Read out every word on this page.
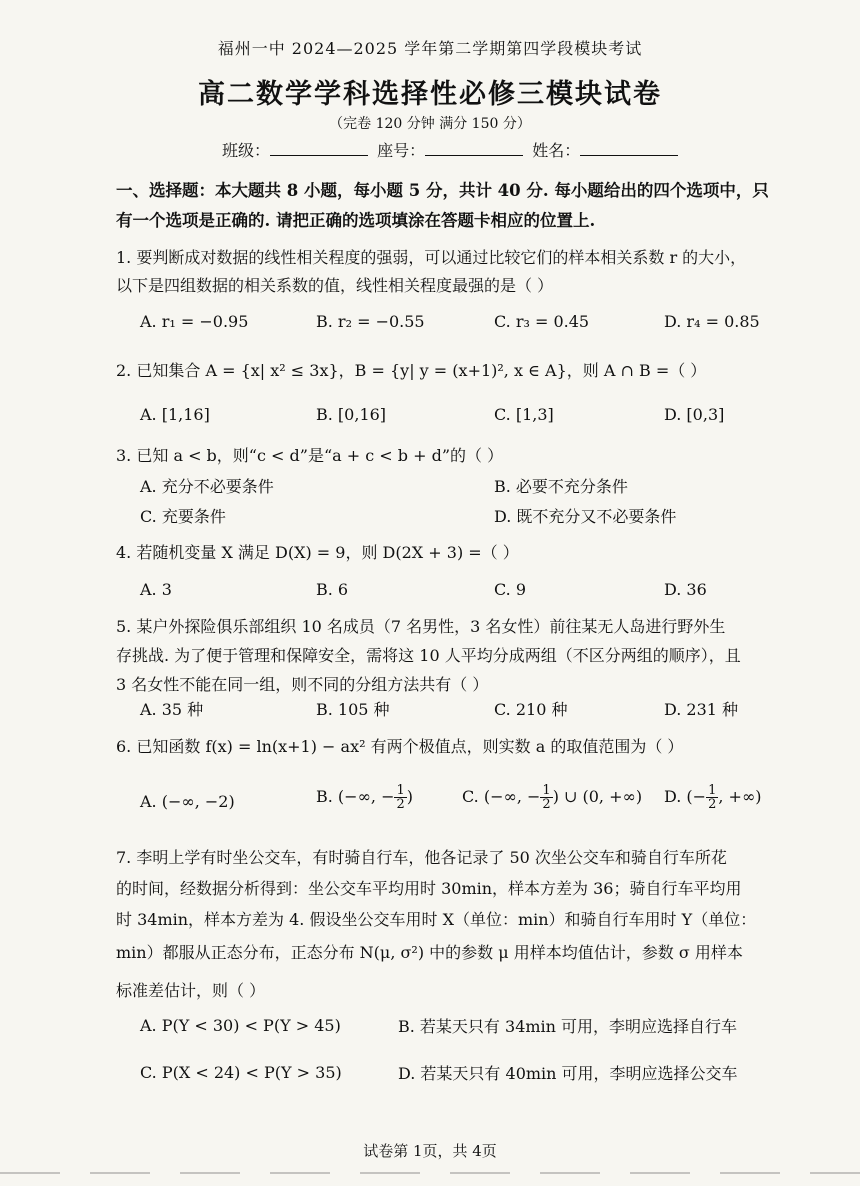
福州一中 2024—2025 学年第二学期第四学段模块考试
高二数学学科选择性必修三模块试卷
（完卷 120 分钟 满分 150 分）
班级：	座号：	姓名：
一、选择题：本大题共 8 小题，每小题 5 分，共计 40 分. 每小题给出的四个选项中，只
有一个选项是正确的. 请把正确的选项填涂在答题卡相应的位置上.
1. 要判断成对数据的线性相关程度的强弱，可以通过比较它们的样本相关系数 r 的大小，
以下是四组数据的相关系数的值，线性相关程度最强的是（ ）
A. r₁ = −0.95	B. r₂ = −0.55	C. r₃ = 0.45	D. r₄ = 0.85
2. 已知集合 A = {x| x² ≤ 3x}，B = {y| y = (x+1)², x ∈ A}，则 A ∩ B =（ ）
A. [1,16]	B. [0,16]	C. [1,3]	D. [0,3]
3. 已知 a < b，则“c < d”是“a + c < b + d”的（ ）
A. 充分不必要条件	B. 必要不充分条件
C. 充要条件	D. 既不充分又不必要条件
4. 若随机变量 X 满足 D(X) = 9，则 D(2X + 3) =（ ）
A. 3	B. 6	C. 9	D. 36
5. 某户外探险俱乐部组织 10 名成员（7 名男性，3 名女性）前往某无人岛进行野外生
存挑战. 为了便于管理和保障安全，需将这 10 人平均分成两组（不区分两组的顺序），且
3 名女性不能在同一组，则不同的分组方法共有（ ）
A. 35 种	B. 105 种	C. 210 种	D. 231 种
6. 已知函数 f(x) = ln(x+1) − ax² 有两个极值点，则实数 a 的取值范围为（ ）
A. (−∞, −2)	B. (−∞, − $\frac{1}{2}$ )	C. (−∞, − $\frac{1}{2}$ ) ∪ (0, +∞) D. (− $\frac{1}{2}$ , +∞)
7. 李明上学有时坐公交车，有时骑自行车，他各记录了 50 次坐公交车和骑自行车所花
的时间，经数据分析得到：坐公交车平均用时 30min，样本方差为 36；骑自行车平均用
时 34min，样本方差为 4. 假设坐公交车用时 X（单位：min）和骑自行车用时 Y（单位：
min）都服从正态分布，正态分布 N(μ, σ²) 中的参数 μ 用样本均值估计，参数 σ 用样本
标准差估计，则（ ）
A. P(Y < 30) < P(Y > 45)	B. 若某天只有 34min 可用，李明应选择自行车
C. P(X < 24) < P(Y > 35)	D. 若某天只有 40min 可用，李明应选择公交车
试卷第 1页，共 4页
